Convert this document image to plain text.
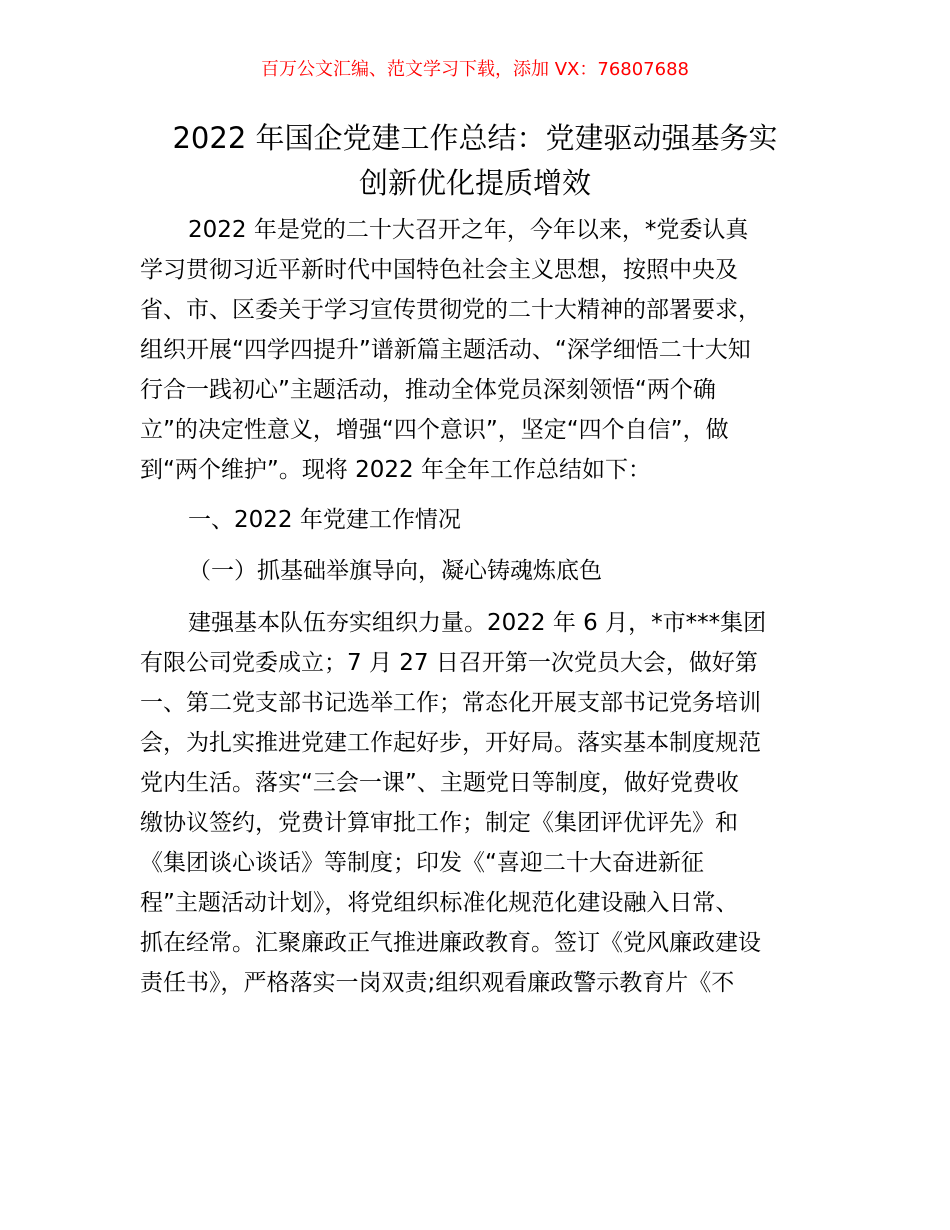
百万公文汇编、范文学习下载，添加 VX：76807688
2022 年国企党建工作总结：党建驱动强基务实
创新优化提质增效

2022 年是党的二十大召开之年，今年以来，*党委认真
学习贯彻习近平新时代中国特色社会主义思想，按照中央及
省、市、区委关于学习宣传贯彻党的二十大精神的部署要求，
组织开展“四学四提升”谱新篇主题活动、“深学细悟二十大知
行合一践初心”主题活动，推动全体党员深刻领悟“两个确
立”的决定性意义，增强“四个意识”，坚定“四个自信”，做
到“两个维护”。现将 2022 年全年工作总结如下：

一、2022 年党建工作情况

（一）抓基础举旗导向，凝心铸魂炼底色

建强基本队伍夯实组织力量。2022 年 6 月，*市***集团
有限公司党委成立；7 月 27 日召开第一次党员大会，做好第
一、第二党支部书记选举工作；常态化开展支部书记党务培训
会，为扎实推进党建工作起好步，开好局。落实基本制度规范
党内生活。落实“三会一课”、主题党日等制度，做好党费收
缴协议签约，党费计算审批工作；制定《集团评优评先》和
《集团谈心谈话》等制度；印发《“喜迎二十大奋进新征
程”主题活动计划》，将党组织标准化规范化建设融入日常、
抓在经常。汇聚廉政正气推进廉政教育。签订《党风廉政建设
责任书》，严格落实一岗双责;组织观看廉政警示教育片《不
